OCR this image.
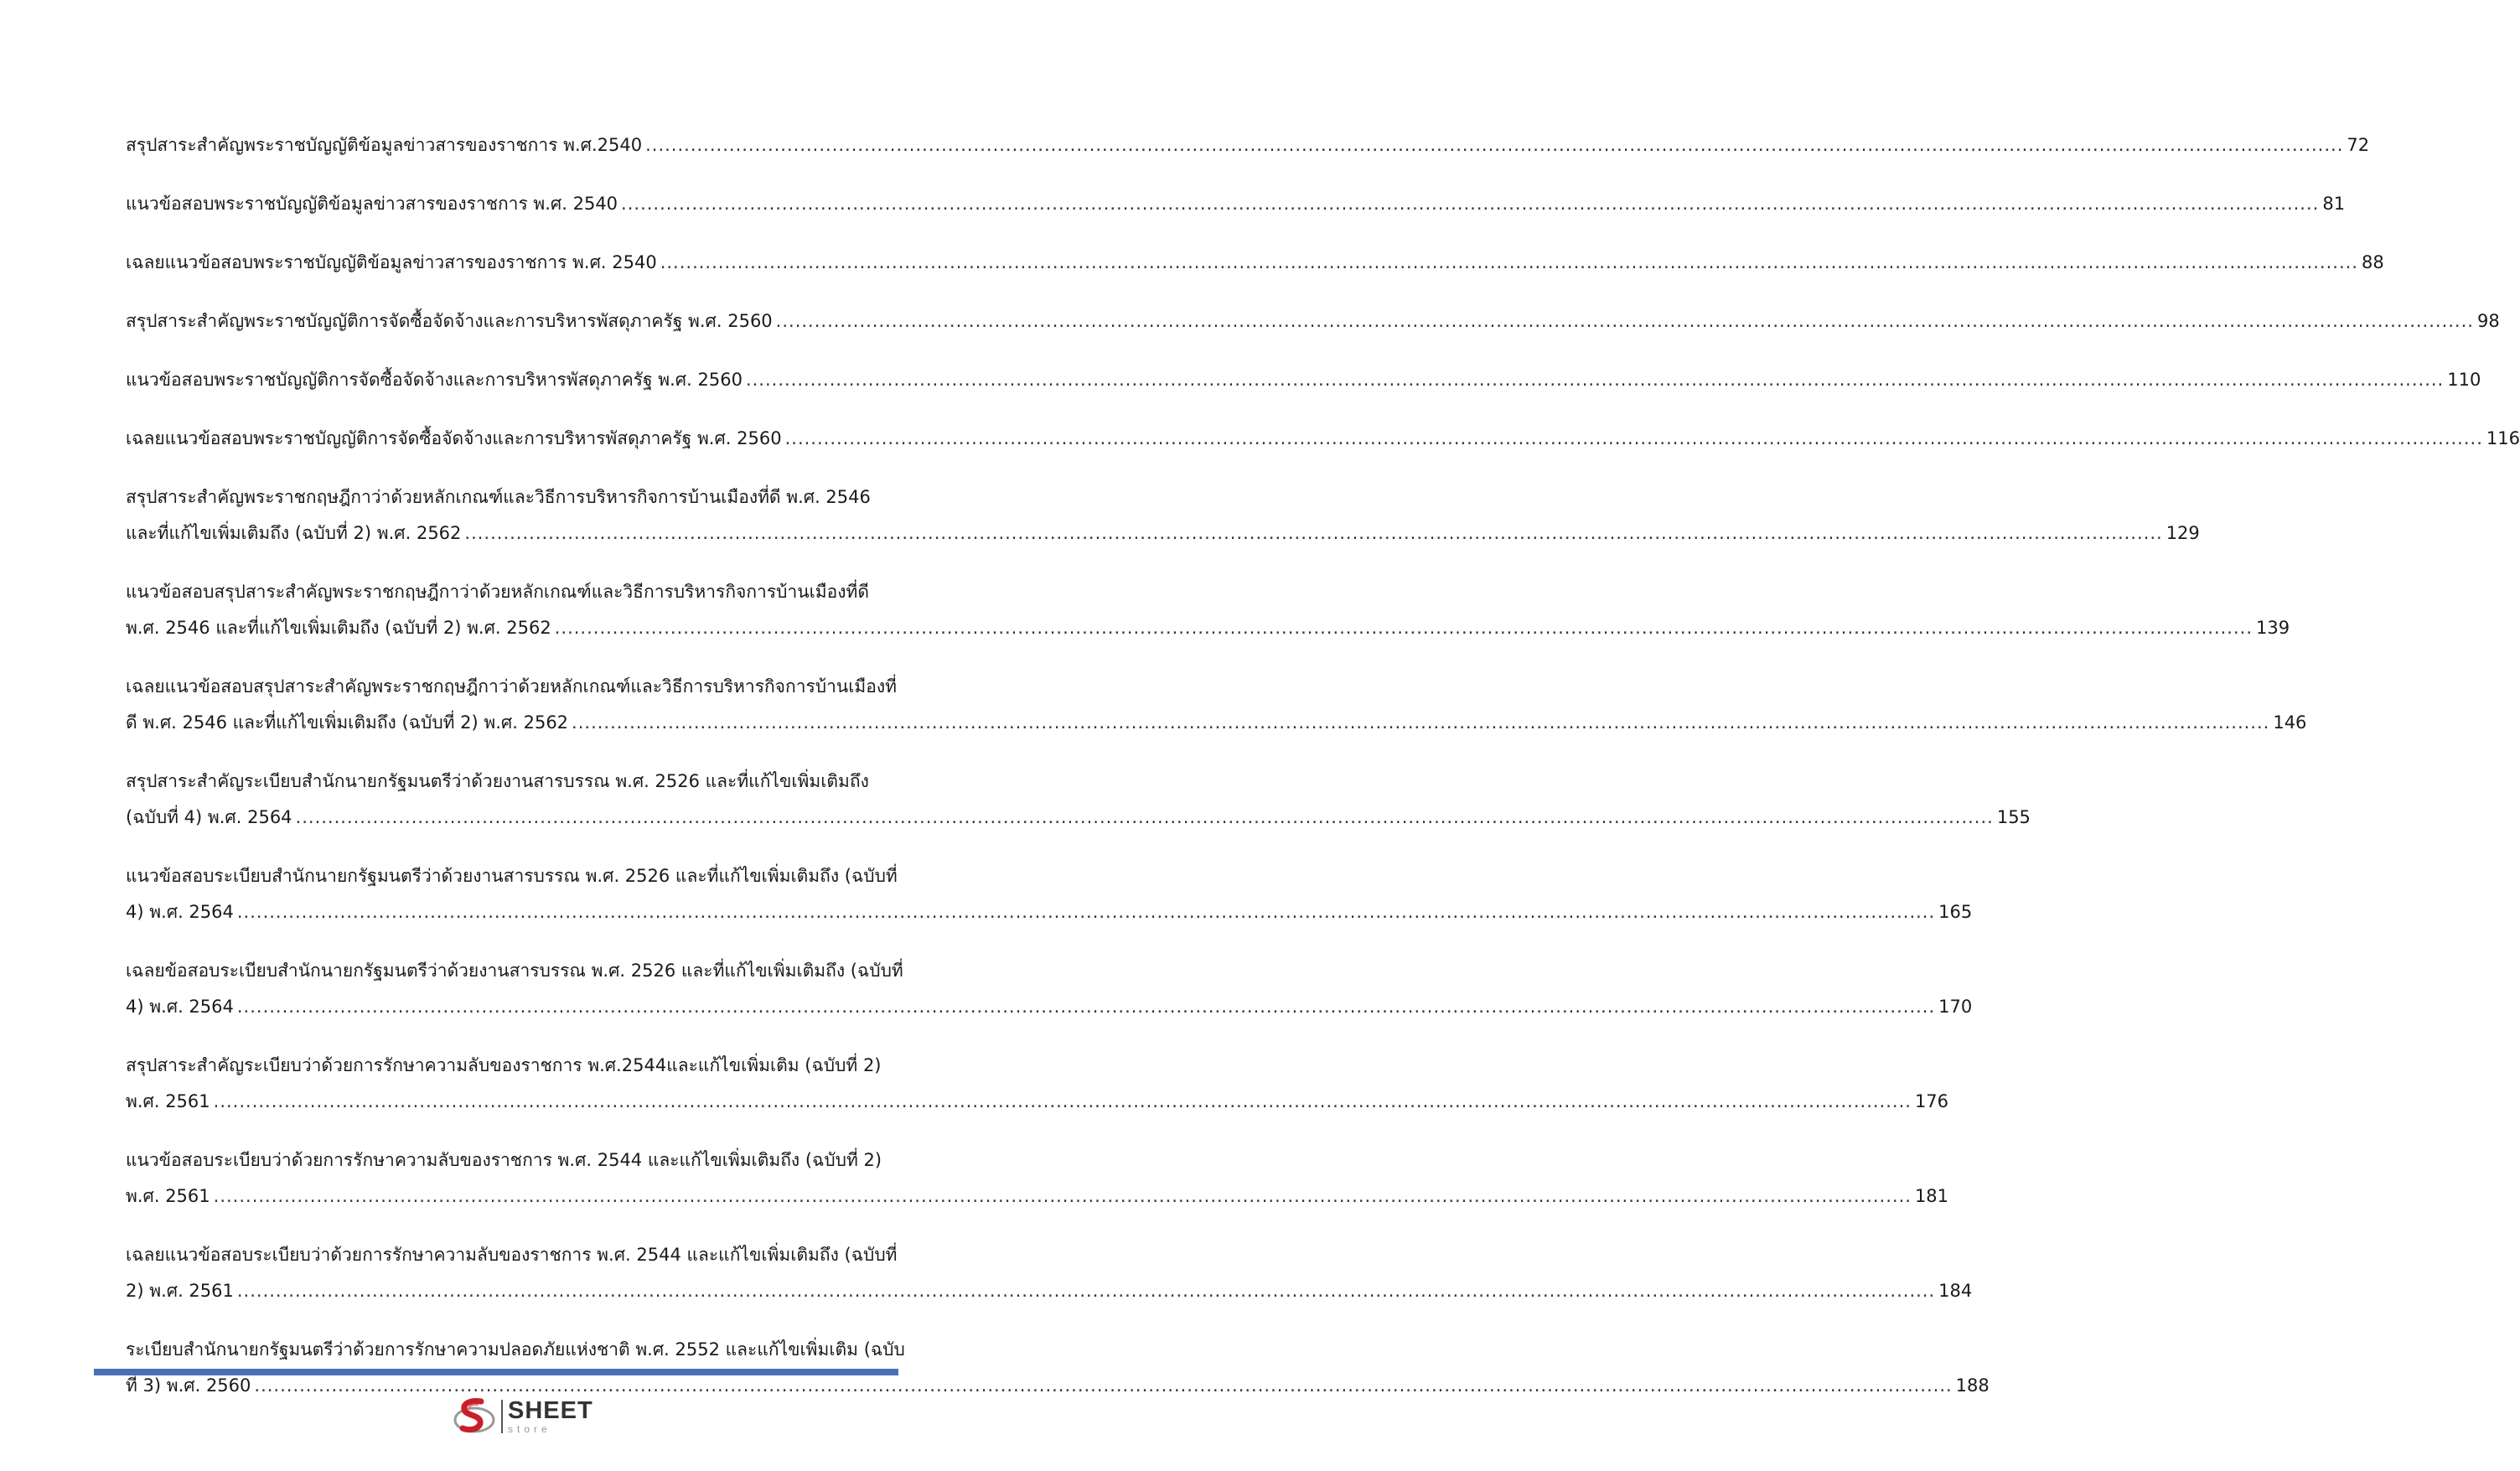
สรุปสาระสำคัญพระราชบัญญัติข้อมูลข่าวสารของราชการ พ.ศ.2540 .....	72
แนวข้อสอบพระราชบัญญัติข้อมูลข่าวสารของราชการ พ.ศ. 2540 .....	81
เฉลยแนวข้อสอบพระราชบัญญัติข้อมูลข่าวสารของราชการ พ.ศ. 2540 .....	88
สรุปสาระสำคัญพระราชบัญญัติการจัดซื้อจัดจ้างและการบริหารพัสดุภาครัฐ พ.ศ. 2560 .....	98
แนวข้อสอบพระราชบัญญัติการจัดซื้อจัดจ้างและการบริหารพัสดุภาครัฐ พ.ศ. 2560 .....	110
เฉลยแนวข้อสอบพระราชบัญญัติการจัดซื้อจัดจ้างและการบริหารพัสดุภาครัฐ พ.ศ. 2560 .....	116
สรุปสาระสำคัญพระราชกฤษฎีกาว่าด้วยหลักเกณฑ์และวิธีการบริหารกิจการบ้านเมืองที่ดี พ.ศ. 2546
และที่แก้ไขเพิ่มเติมถึง (ฉบับที่ 2) พ.ศ. 2562 .....	129
แนวข้อสอบสรุปสาระสำคัญพระราชกฤษฎีกาว่าด้วยหลักเกณฑ์และวิธีการบริหารกิจการบ้านเมืองที่ดี
พ.ศ. 2546 และที่แก้ไขเพิ่มเติมถึง (ฉบับที่ 2) พ.ศ. 2562 .....	139
เฉลยแนวข้อสอบสรุปสาระสำคัญพระราชกฤษฎีกาว่าด้วยหลักเกณฑ์และวิธีการบริหารกิจการบ้านเมืองที่
ดี พ.ศ. 2546 และที่แก้ไขเพิ่มเติมถึง (ฉบับที่ 2) พ.ศ. 2562 .....	146
สรุปสาระสำคัญระเบียบสำนักนายกรัฐมนตรีว่าด้วยงานสารบรรณ พ.ศ. 2526 และที่แก้ไขเพิ่มเติมถึง
(ฉบับที่ 4) พ.ศ. 2564 .....	155
แนวข้อสอบระเบียบสำนักนายกรัฐมนตรีว่าด้วยงานสารบรรณ พ.ศ. 2526 และที่แก้ไขเพิ่มเติมถึง (ฉบับที่
4) พ.ศ. 2564 .....	165
เฉลยข้อสอบระเบียบสำนักนายกรัฐมนตรีว่าด้วยงานสารบรรณ พ.ศ. 2526 และที่แก้ไขเพิ่มเติมถึง (ฉบับที่
4) พ.ศ. 2564 .....	170
สรุปสาระสำคัญระเบียบว่าด้วยการรักษาความลับของราชการ พ.ศ.2544และแก้ไขเพิ่มเติม (ฉบับที่ 2)
พ.ศ. 2561 .....	176
แนวข้อสอบระเบียบว่าด้วยการรักษาความลับของราชการ พ.ศ. 2544 และแก้ไขเพิ่มเติมถึง (ฉบับที่ 2)
พ.ศ. 2561 .....	181
เฉลยแนวข้อสอบระเบียบว่าด้วยการรักษาความลับของราชการ พ.ศ. 2544 และแก้ไขเพิ่มเติมถึง (ฉบับที่
2) พ.ศ. 2561 .....	184
ระเบียบสำนักนายกรัฐมนตรีว่าด้วยการรักษาความปลอดภัยแห่งชาติ พ.ศ. 2552 และแก้ไขเพิ่มเติม (ฉบับ
ที่ 3) พ.ศ. 2560 .....	188
SHEET
store
